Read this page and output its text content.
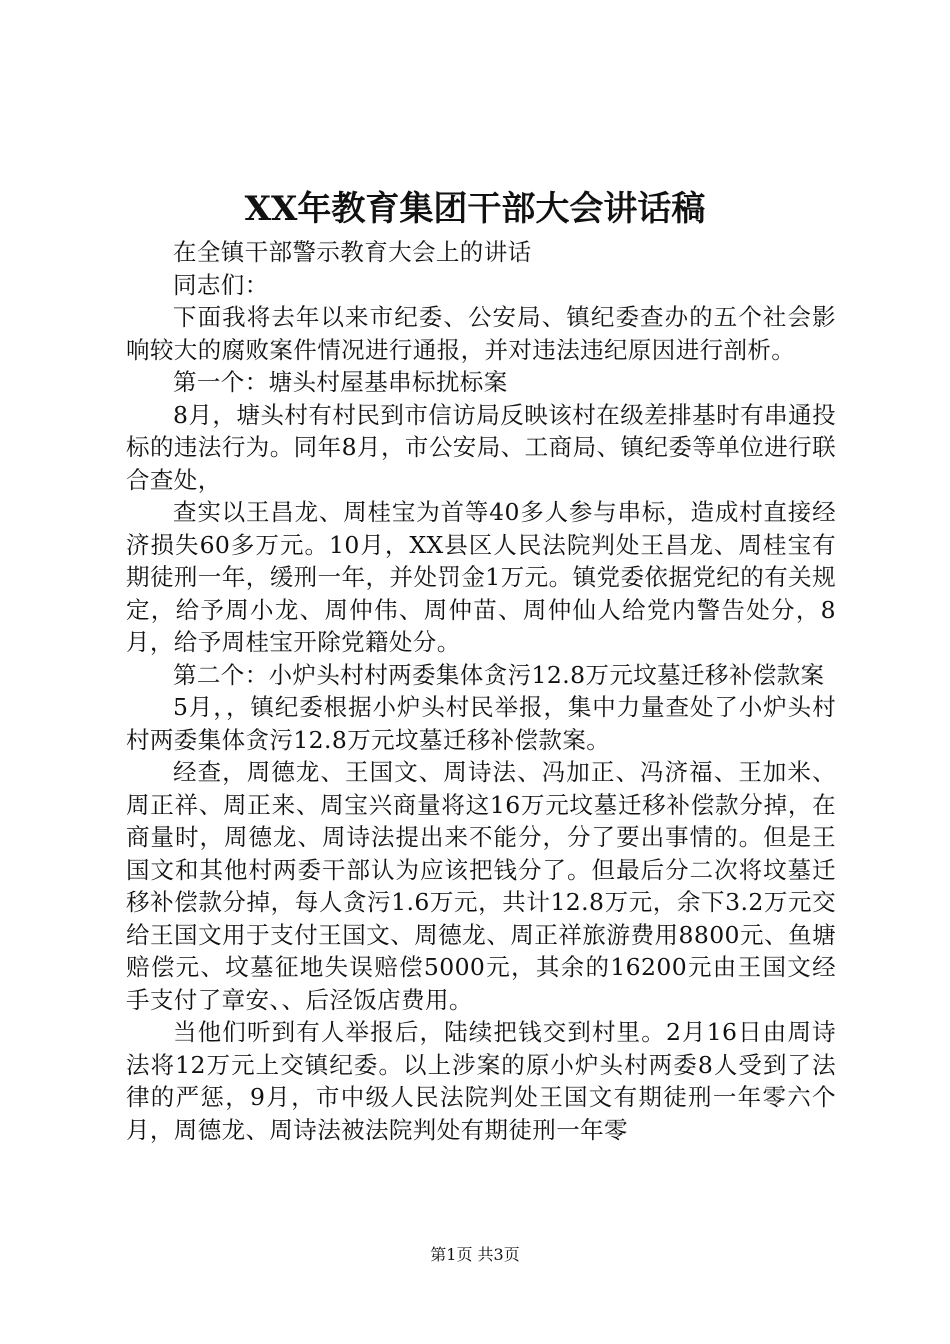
XX年教育集团干部大会讲话稿

在全镇干部警示教育大会上的讲话

同志们：

下面我将去年以来市纪委、公安局、镇纪委查办的五个社会影响较大的腐败案件情况进行通报，并对违法违纪原因进行剖析。

第一个：塘头村屋基串标扰标案

8月，塘头村有村民到市信访局反映该村在级差排基时有串通投标的违法行为。同年8月，市公安局、工商局、镇纪委等单位进行联合查处，

查实以王昌龙、周桂宝为首等40多人参与串标，造成村直接经济损失60多万元。10月，XX县区人民法院判处王昌龙、周桂宝有期徒刑一年，缓刑一年，并处罚金1万元。镇党委依据党纪的有关规定，给予周小龙、周仲伟、周仲苗、周仲仙人给党内警告处分，8月，给予周桂宝开除党籍处分。

第二个：小炉头村村两委集体贪污12.8万元坟墓迁移补偿款案

5月，，镇纪委根据小炉头村民举报，集中力量查处了小炉头村村两委集体贪污12.8万元坟墓迁移补偿款案。

经查，周德龙、王国文、周诗法、冯加正、冯济福、王加米、周正祥、周正来、周宝兴商量将这16万元坟墓迁移补偿款分掉，在商量时，周德龙、周诗法提出来不能分，分了要出事情的。但是王国文和其他村两委干部认为应该把钱分了。但最后分二次将坟墓迁移补偿款分掉，每人贪污1.6万元，共计12.8万元，余下3.2万元交给王国文用于支付王国文、周德龙、周正祥旅游费用8800元、鱼塘赔偿元、坟墓征地失误赔偿5000元，其余的16200元由王国文经手支付了章安、、后泾饭店费用。

当他们听到有人举报后，陆续把钱交到村里。2月16日由周诗法将12万元上交镇纪委。以上涉案的原小炉头村两委8人受到了法律的严惩，9月，市中级人民法院判处王国文有期徒刑一年零六个月，周德龙、周诗法被法院判处有期徒刑一年零

第1页 共3页
